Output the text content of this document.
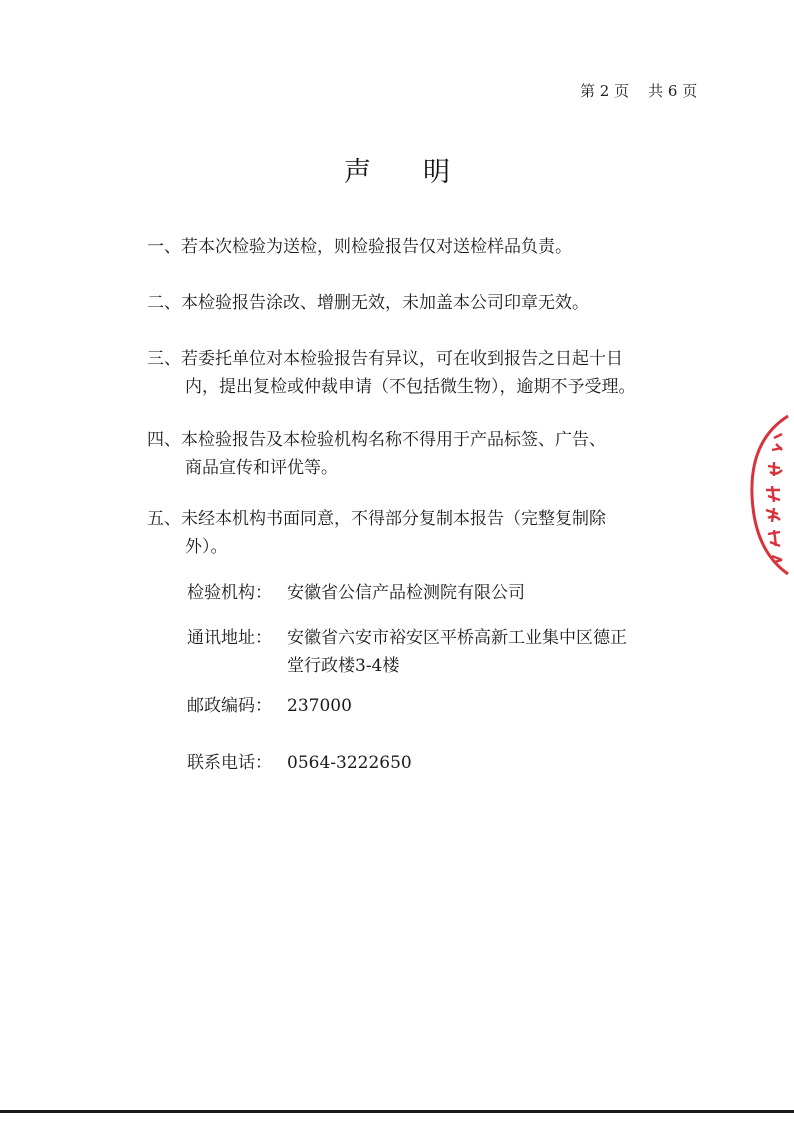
第 2 页    共 6 页
声明
一、若本次检验为送检，则检验报告仅对送检样品负责。
二、本检验报告涂改、增删无效，未加盖本公司印章无效。
三、若委托单位对本检验报告有异议，可在收到报告之日起十日
内，提出复检或仲裁申请（不包括微生物），逾期不予受理。
四、本检验报告及本检验机构名称不得用于产品标签、广告、
商品宣传和评优等。
五、未经本机构书面同意，不得部分复制本报告（完整复制除
外）。
检验机构： 安徽省公信产品检测院有限公司
通讯地址： 安徽省六安市裕安区平桥高新工业集中区德正
堂行政楼3-4楼
邮政编码： 237000
联系电话： 0564-3222650
